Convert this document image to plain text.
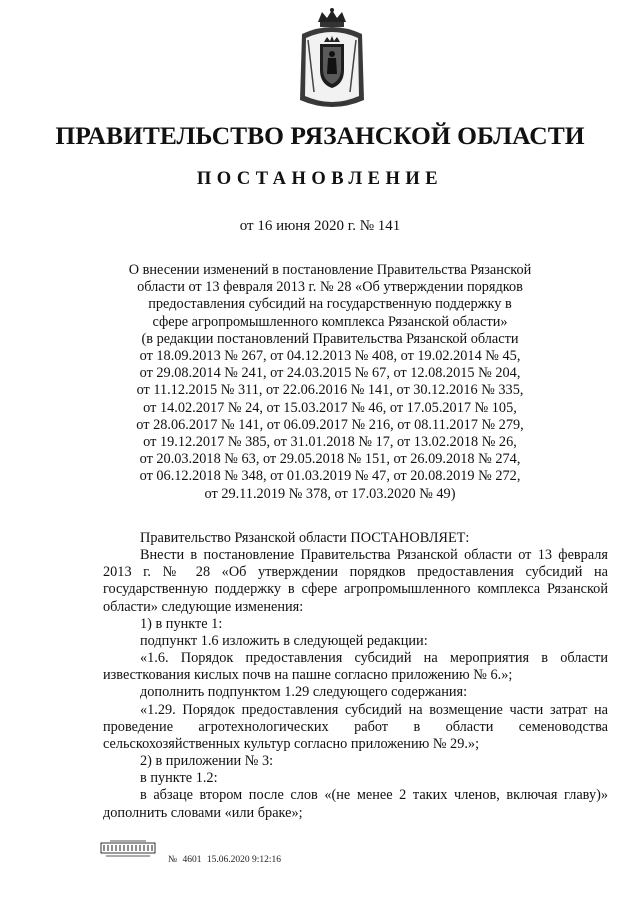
ПРАВИТЕЛЬСТВО РЯЗАНСКОЙ ОБЛАСТИ
ПОСТАНОВЛЕНИЕ
от 16 июня 2020 г. № 141
О внесении изменений в постановление Правительства Рязанской
области от 13 февраля 2013 г. № 28 «Об утверждении порядков
предоставления субсидий на государственную поддержку в
сфере агропромышленного комплекса Рязанской области»
(в редакции постановлений Правительства Рязанской области
от 18.09.2013 № 267, от 04.12.2013 № 408, от 19.02.2014 № 45,
от 29.08.2014 № 241, от 24.03.2015 № 67, от 12.08.2015 № 204,
от 11.12.2015 № 311, от 22.06.2016 № 141, от 30.12.2016 № 335,
от 14.02.2017 № 24, от 15.03.2017 № 46, от 17.05.2017 № 105,
от 28.06.2017 № 141, от 06.09.2017 № 216, от 08.11.2017 № 279,
от 19.12.2017 № 385, от 31.01.2018 № 17, от 13.02.2018 № 26,
от 20.03.2018 № 63, от 29.05.2018 № 151, от 26.09.2018 № 274,
от 06.12.2018 № 348, от 01.03.2019 № 47, от 20.08.2019 № 272,
от 29.11.2019 № 378, от 17.03.2020 № 49)

Правительство Рязанской области ПОСТАНОВЛЯЕТ:

Внести в постановление Правительства Рязанской области от 13 февраля 2013 г. № 28 «Об утверждении порядков предоставления субсидий на государственную поддержку в сфере агропромышленного комплекса Рязанской области» следующие изменения:

1) в пункте 1:

подпункт 1.6 изложить в следующей редакции:

«1.6. Порядок предоставления субсидий на мероприятия в области известкования кислых почв на пашне согласно приложению № 6.»;

дополнить подпунктом 1.29 следующего содержания:

«1.29. Порядок предоставления субсидий на возмещение части затрат на проведение агротехнологических работ в области семеноводства сельскохозяйственных культур согласно приложению № 29.»;

2) в приложении № 3:

в пункте 1.2:

в абзаце втором после слов «(не менее 2 таких членов, включая главу)» дополнить словами «или браке»;

№ 4601 15.06.2020 9:12:16
